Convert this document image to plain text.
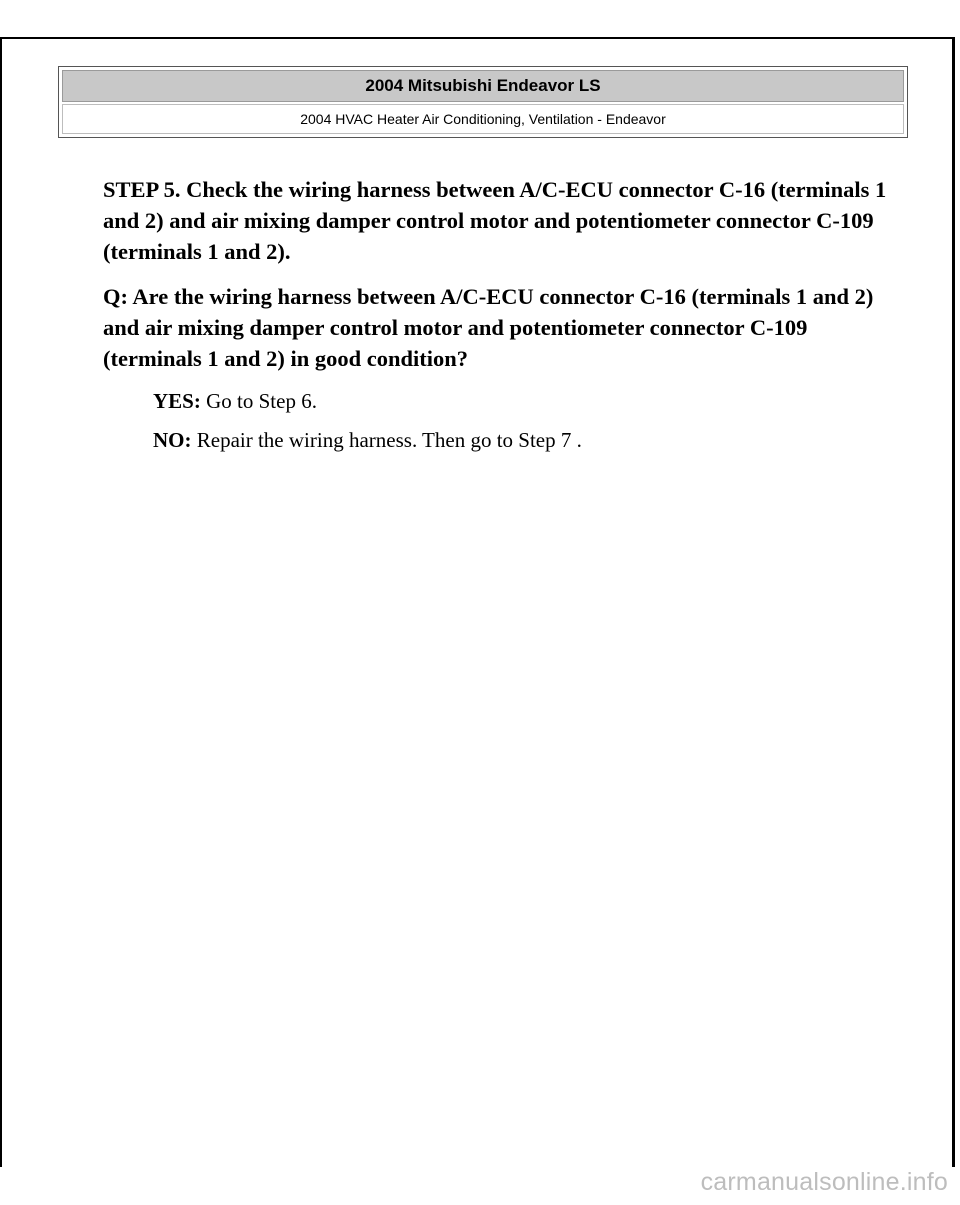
2004 Mitsubishi Endeavor LS
2004 HVAC Heater Air Conditioning, Ventilation - Endeavor

STEP 5. Check the wiring harness between A/C-ECU connector C-16 (terminals 1 and 2) and air mixing damper control motor and potentiometer connector C-109 (terminals 1 and 2).

Q: Are the wiring harness between A/C-ECU connector C-16 (terminals 1 and 2) and air mixing damper control motor and potentiometer connector C-109 (terminals 1 and 2) in good condition?

YES: Go to Step 6.

NO: Repair the wiring harness. Then go to Step 7 .

carmanualsonline.info
